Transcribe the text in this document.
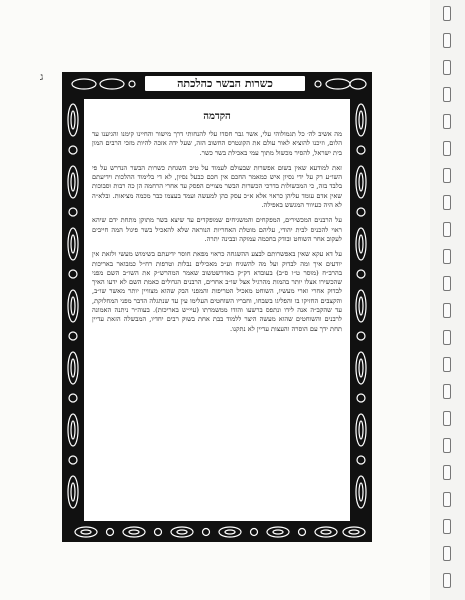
ג	כשרות הבשר כהלכתה
הקדמה

מה אשיב לה׳ כל תגמולוהי עלי, אשר גבר חסדו עלי להנחותי דרך מישור והחיינו קימנו והגיענו עד הלום, וזיכנו להוציא לאור עולם את הקונטרס החשוב הזה, שעל ידה אזכה להיות מזכי הרבים המון בית ישראל, להסיר מכשול מתוך עמי באכילת בשר כשר.

זאת למודעא שאין בשום אפשרות שבעולם לעמוד על טיב השגחת כשרות הבשר הנדרש על פי השו״ע רק על ידי נסיון איש כמאמר החכם אין חכם כבעל נסיון, לא די בלימוד ההלכות וידיעתם בלבד בזה, כי המכשולות בדרכי הכשרות הבשר מצויים הפסק עד אחרי הרחמה הן כה רבות וסבוכות שאין אדם עומד עליהן כראוי אלא א״כ עסק כהן למעשה ועמד בעצמו כבר מכמה מציאות. ובלא״ה לא היה כעיוור המגשש באפילה.

על הרבנים המכשירים, המפקחים והמשגיחים שמופקדים עד שיצא בשר מתוקן מתחת ידם שיהא ראוי להכניס לבית יהודי, עליהם מוטלת האחריות הנוראה שלא להאכיל בשר פיגול המה חייבים לעקוב אחר השוחט ובודק בחכמה עמוקה ובבינה יתרה.

על דא עקא שאין באפשרותם לבצע ההשגחה כראוי מפאת חוסר ידיעתם בשימוש מעשי ולזאת אין יודעים איך ומה לבדוק ועל מה להשגיח וע״כ מאכילים נבלות וטרפות רח״ל כמבואר באריכות בהרב״ח (מוסר ט״ו ס״ב) בעובדא דק״ק באדרשטשוב שאמר המהרש״ק את השו״ב השם מפני שהכשירו אצלו יותר בהמות מהרגיל אצל שו״ב אחרים, הרבנים הגדולים כאמת השם לא ידעו האיך לבדוק אחרי וארי מעשיו, השוחט מאכיל הטריפות והמפני הבק שהוא מצוויין יותר מאשר שו״ב, והקצבים החזיקו בו והפליגו בשבחו, וחבריו השוחטים העלימו עין עד שנתגלה הדבר מפני המחלוקת, עד שהקב״ה אנה לידו ונתפס ברשעו והודו ממשמרתו (עיי״ש באריכות). בעוה״ר ניתנה האמונה לרבנים והשוחטים שהוא מעשה היצר ללמוד בבת אחת בשוק רבים יחדיו, המבשלה הזאת עדיין תחת ידך עם הוסרה והעצות עדיין לא נתקנו.
